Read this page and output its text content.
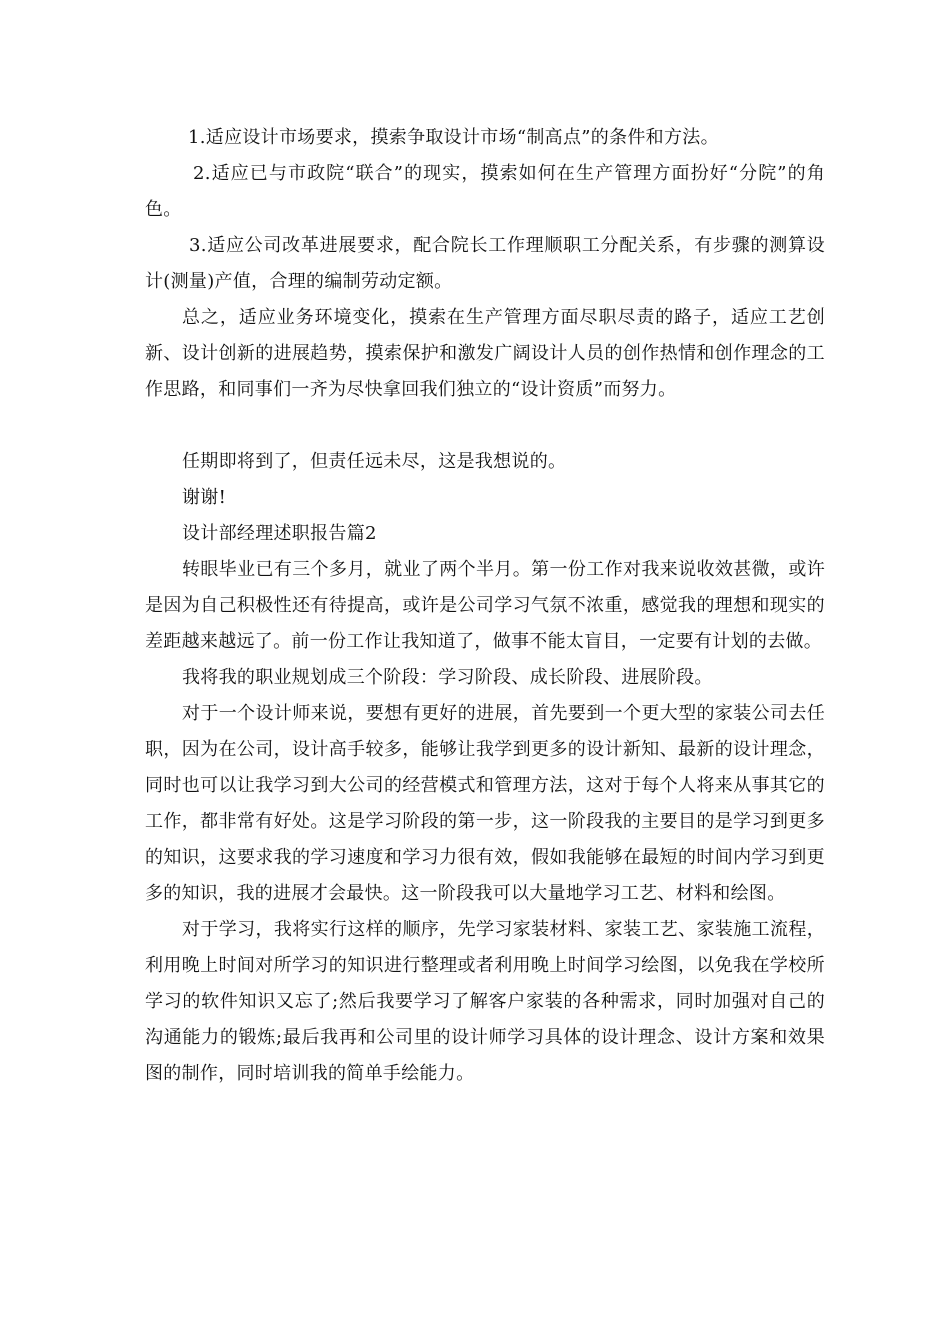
1.适应设计市场要求，摸索争取设计市场“制高点”的条件和方法。

2.适应已与市政院“联合”的现实，摸索如何在生产管理方面扮好“分院”的角色。

3.适应公司改革进展要求，配合院长工作理顺职工分配关系，有步骤的测算设计(测量)产值，合理的编制劳动定额。

总之，适应业务环境变化，摸索在生产管理方面尽职尽责的路子，适应工艺创新、设计创新的进展趋势，摸索保护和激发广阔设计人员的创作热情和创作理念的工作思路，和同事们一齐为尽快拿回我们独立的“设计资质”而努力。

任期即将到了，但责任远未尽，这是我想说的。

谢谢!

设计部经理述职报告篇2

转眼毕业已有三个多月，就业了两个半月。第一份工作对我来说收效甚微，或许是因为自己积极性还有待提高，或许是公司学习气氛不浓重，感觉我的理想和现实的差距越来越远了。前一份工作让我知道了，做事不能太盲目，一定要有计划的去做。

我将我的职业规划成三个阶段：学习阶段、成长阶段、进展阶段。

对于一个设计师来说，要想有更好的进展，首先要到一个更大型的家装公司去任职，因为在公司，设计高手较多，能够让我学到更多的设计新知、最新的设计理念，同时也可以让我学习到大公司的经营模式和管理方法，这对于每个人将来从事其它的工作，都非常有好处。这是学习阶段的第一步，这一阶段我的主要目的是学习到更多的知识，这要求我的学习速度和学习力很有效，假如我能够在最短的时间内学习到更多的知识，我的进展才会最快。这一阶段我可以大量地学习工艺、材料和绘图。

对于学习，我将实行这样的顺序，先学习家装材料、家装工艺、家装施工流程，利用晚上时间对所学习的知识进行整理或者利用晚上时间学习绘图，以免我在学校所学习的软件知识又忘了;然后我要学习了解客户家装的各种需求，同时加强对自己的沟通能力的锻炼;最后我再和公司里的设计师学习具体的设计理念、设计方案和效果图的制作，同时培训我的简单手绘能力。
